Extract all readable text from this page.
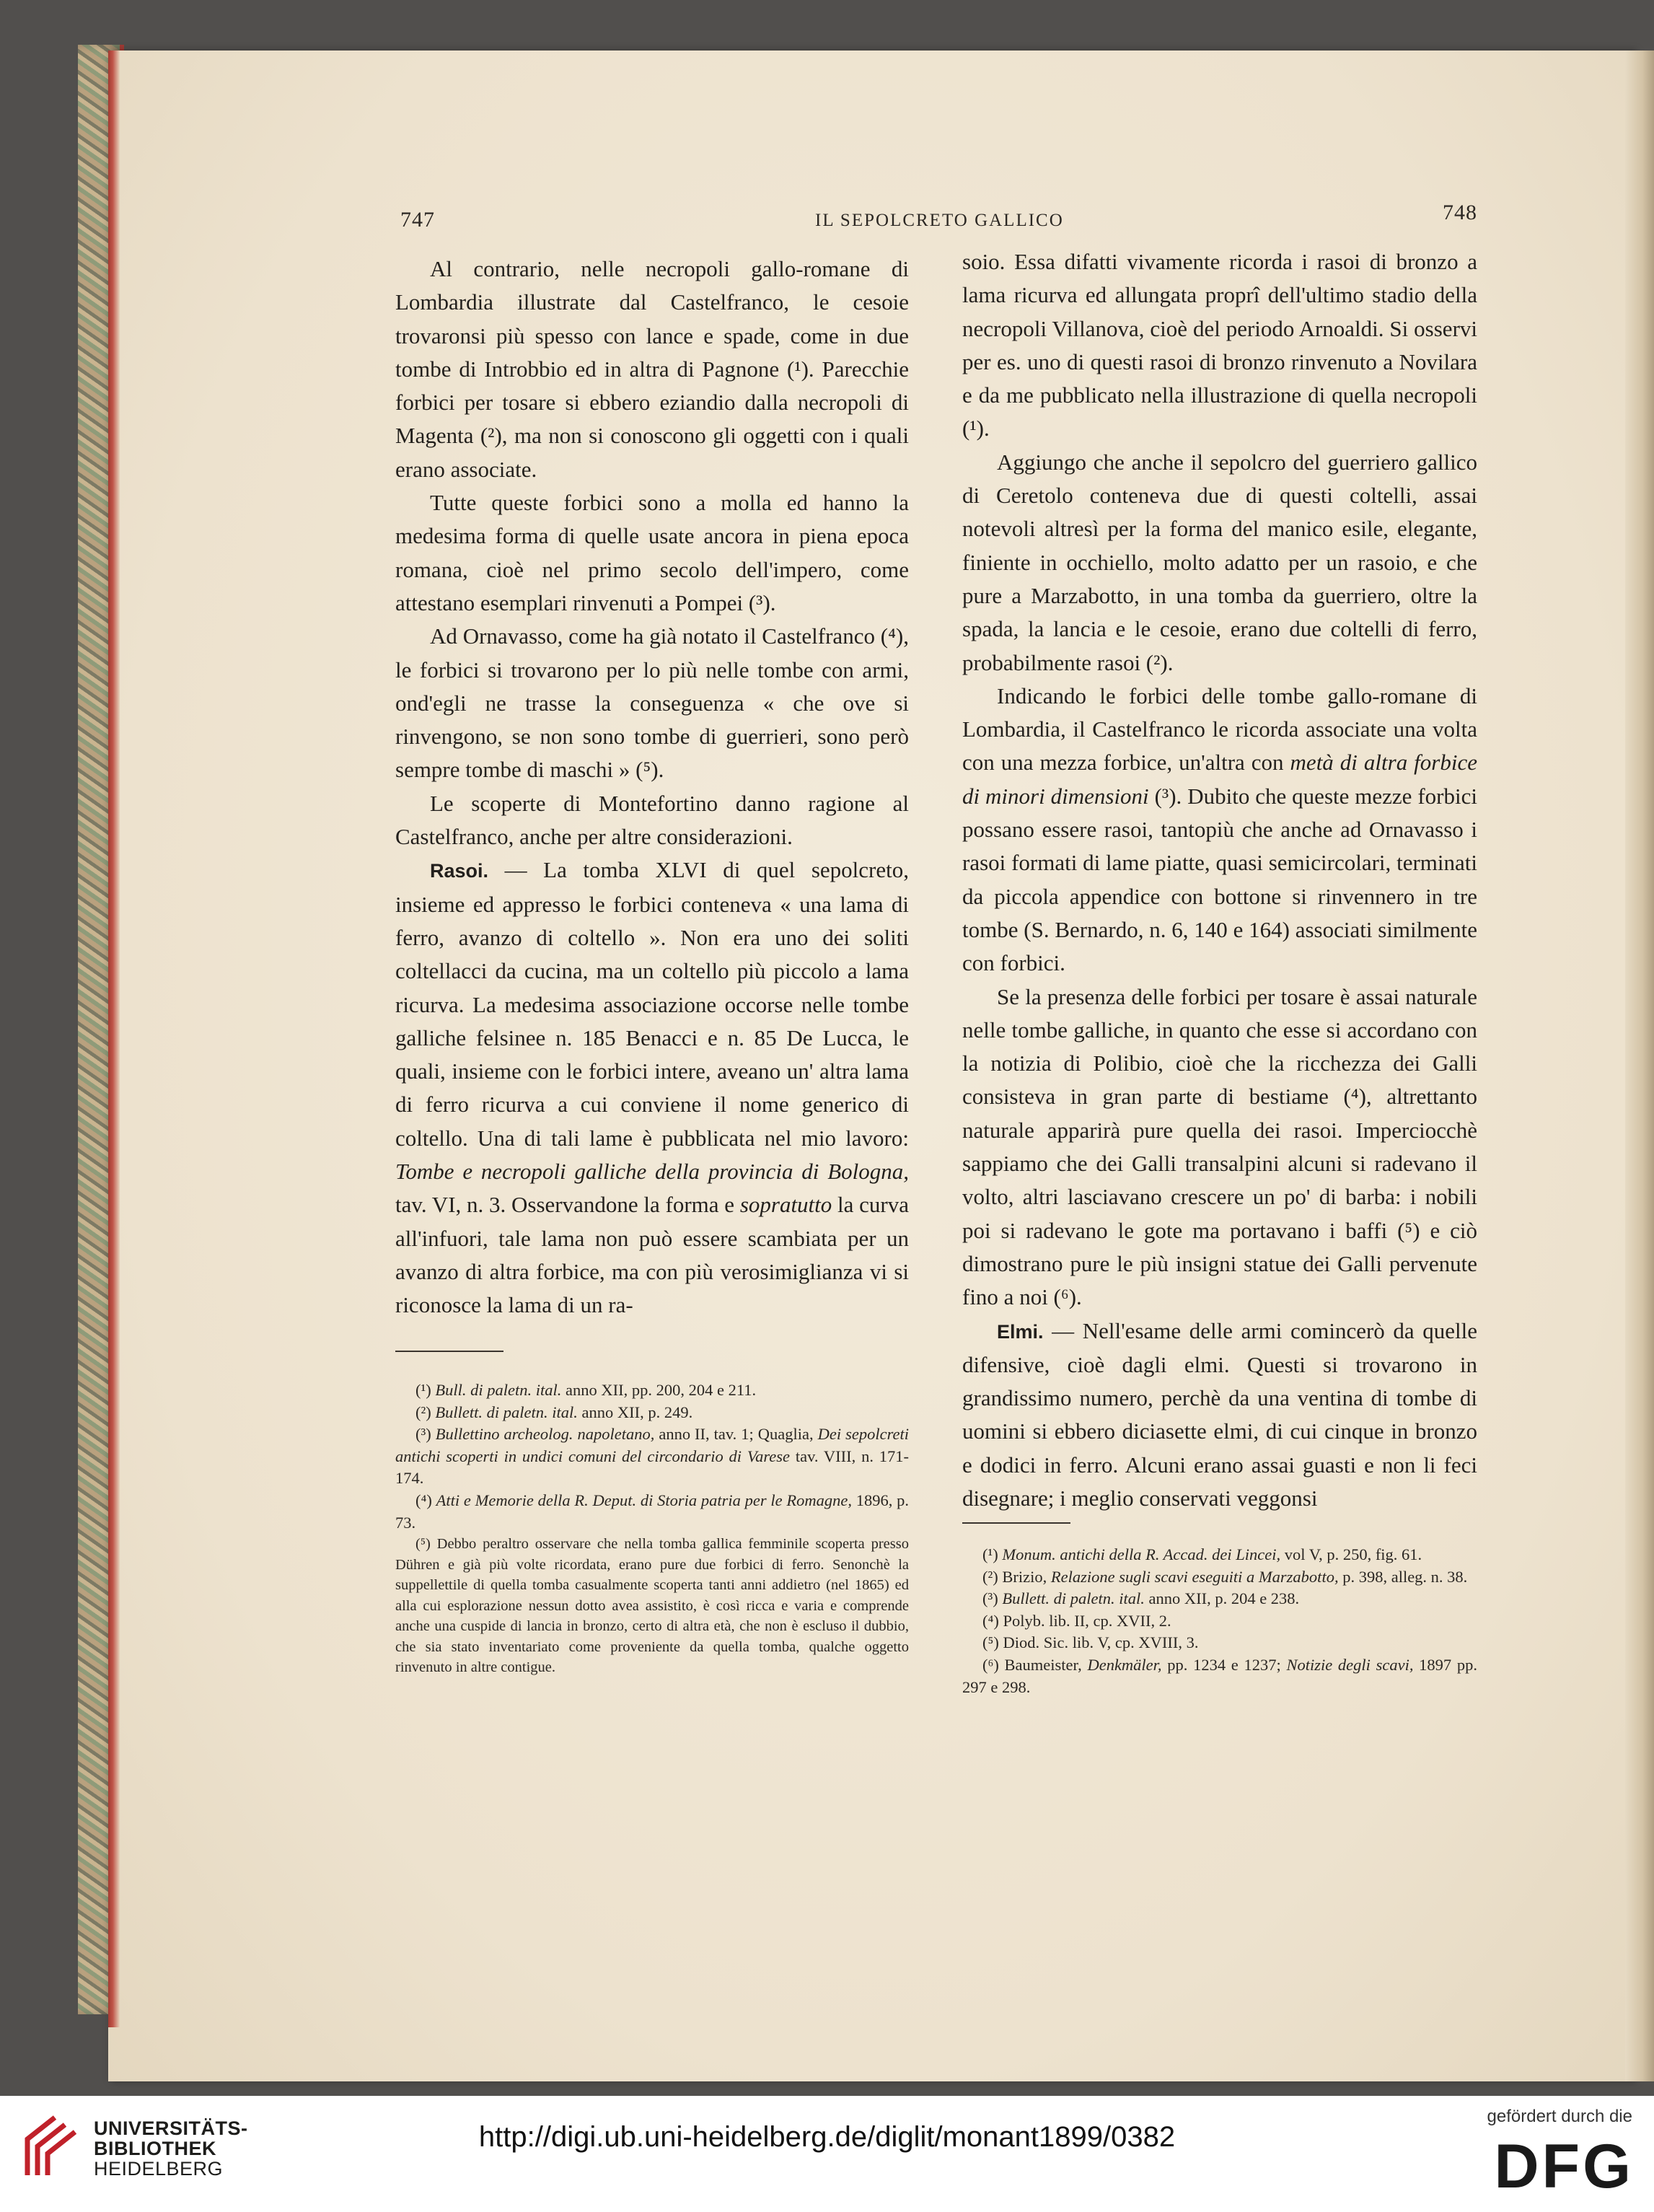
747	IL SEPOLCRETO GALLICO	748

Al contrario, nelle necropoli gallo-romane di Lombardia illustrate dal Castelfranco, le cesoie trovaronsi più spesso con lance e spade, come in due tombe di Introbbio ed in altra di Pagnone (¹). Parecchie forbici per tosare si ebbero eziandio dalla necropoli di Magenta (²), ma non si conoscono gli oggetti con i quali erano associate.

Tutte queste forbici sono a molla ed hanno la medesima forma di quelle usate ancora in piena epoca romana, cioè nel primo secolo dell'impero, come attestano esemplari rinvenuti a Pompei (³).

Ad Ornavasso, come ha già notato il Castelfranco (⁴), le forbici si trovarono per lo più nelle tombe con armi, ond'egli ne trasse la conseguenza « che ove si rinvengono, se non sono tombe di guerrieri, sono però sempre tombe di maschi » (⁵).

Le scoperte di Montefortino danno ragione al Castelfranco, anche per altre considerazioni.

Rasoi. — La tomba XLVI di quel sepolcreto, insieme ed appresso le forbici conteneva « una lama di ferro, avanzo di coltello ». Non era uno dei soliti coltellacci da cucina, ma un coltello più piccolo a lama ricurva. La medesima associazione occorse nelle tombe galliche felsinee n. 185 Benacci e n. 85 De Lucca, le quali, insieme con le forbici intere, aveano un' altra lama di ferro ricurva a cui conviene il nome generico di coltello. Una di tali lame è pubblicata nel mio lavoro: Tombe e necropoli galliche della provincia di Bologna, tav. VI, n. 3. Osservandone la forma e sopratutto la curva all'infuori, tale lama non può essere scambiata per un avanzo di altra forbice, ma con più verosimiglianza vi si riconosce la lama di un ra-

(¹) Bull. di paletn. ital. anno XII, pp. 200, 204 e 211.

(²) Bullett. di paletn. ital. anno XII, p. 249.

(³) Bullettino archeolog. napoletano, anno II, tav. 1; Quaglia, Dei sepolcreti antichi scoperti in undici comuni del circondario di Varese tav. VIII, n. 171-174.

(⁴) Atti e Memorie della R. Deput. di Storia patria per le Romagne, 1896, p. 73.

(⁵) Debbo peraltro osservare che nella tomba gallica femminile scoperta presso Dühren e già più volte ricordata, erano pure due forbici di ferro. Senonchè la suppellettile di quella tomba casualmente scoperta tanti anni addietro (nel 1865) ed alla cui esplorazione nessun dotto avea assistito, è così ricca e varia e comprende anche una cuspide di lancia in bronzo, certo di altra età, che non è escluso il dubbio, che sia stato inventariato come proveniente da quella tomba, qualche oggetto rinvenuto in altre contigue.

soio. Essa difatti vivamente ricorda i rasoi di bronzo a lama ricurva ed allungata proprî dell'ultimo stadio della necropoli Villanova, cioè del periodo Arnoaldi. Si osservi per es. uno di questi rasoi di bronzo rinvenuto a Novilara e da me pubblicato nella illustrazione di quella necropoli (¹).

Aggiungo che anche il sepolcro del guerriero gallico di Ceretolo conteneva due di questi coltelli, assai notevoli altresì per la forma del manico esile, elegante, finiente in occhiello, molto adatto per un rasoio, e che pure a Marzabotto, in una tomba da guerriero, oltre la spada, la lancia e le cesoie, erano due coltelli di ferro, probabilmente rasoi (²).

Indicando le forbici delle tombe gallo-romane di Lombardia, il Castelfranco le ricorda associate una volta con una mezza forbice, un'altra con metà di altra forbice di minori dimensioni (³). Dubito che queste mezze forbici possano essere rasoi, tantopiù che anche ad Ornavasso i rasoi formati di lame piatte, quasi semicircolari, terminati da piccola appendice con bottone si rinvennero in tre tombe (S. Bernardo, n. 6, 140 e 164) associati similmente con forbici.

Se la presenza delle forbici per tosare è assai naturale nelle tombe galliche, in quanto che esse si accordano con la notizia di Polibio, cioè che la ricchezza dei Galli consisteva in gran parte di bestiame (⁴), altrettanto naturale apparirà pure quella dei rasoi. Imperciocchè sappiamo che dei Galli transalpini alcuni si radevano il volto, altri lasciavano crescere un po' di barba: i nobili poi si radevano le gote ma portavano i baffi (⁵) e ciò dimostrano pure le più insigni statue dei Galli pervenute fino a noi (⁶).

Elmi. — Nell'esame delle armi comincerò da quelle difensive, cioè dagli elmi. Questi si trovarono in grandissimo numero, perchè da una ventina di tombe di uomini si ebbero diciasette elmi, di cui cinque in bronzo e dodici in ferro. Alcuni erano assai guasti e non li feci disegnare; i meglio conservati veggonsi

(¹) Monum. antichi della R. Accad. dei Lincei, vol V, p. 250, fig. 61.

(²) Brizio, Relazione sugli scavi eseguiti a Marzabotto, p. 398, alleg. n. 38.

(³) Bullett. di paletn. ital. anno XII, p. 204 e 238.

(⁴) Polyb. lib. II, cp. XVII, 2.

(⁵) Diod. Sic. lib. V, cp. XVIII, 3.

(⁶) Baumeister, Denkmäler, pp. 1234 e 1237; Notizie degli scavi, 1897 pp. 297 e 298.

UNIVERSITÄTS-
BIBLIOTHEK
HEIDELBERG
http://digi.ub.uni-heidelberg.de/diglit/monant1899/0382
gefördert durch die
DFG
